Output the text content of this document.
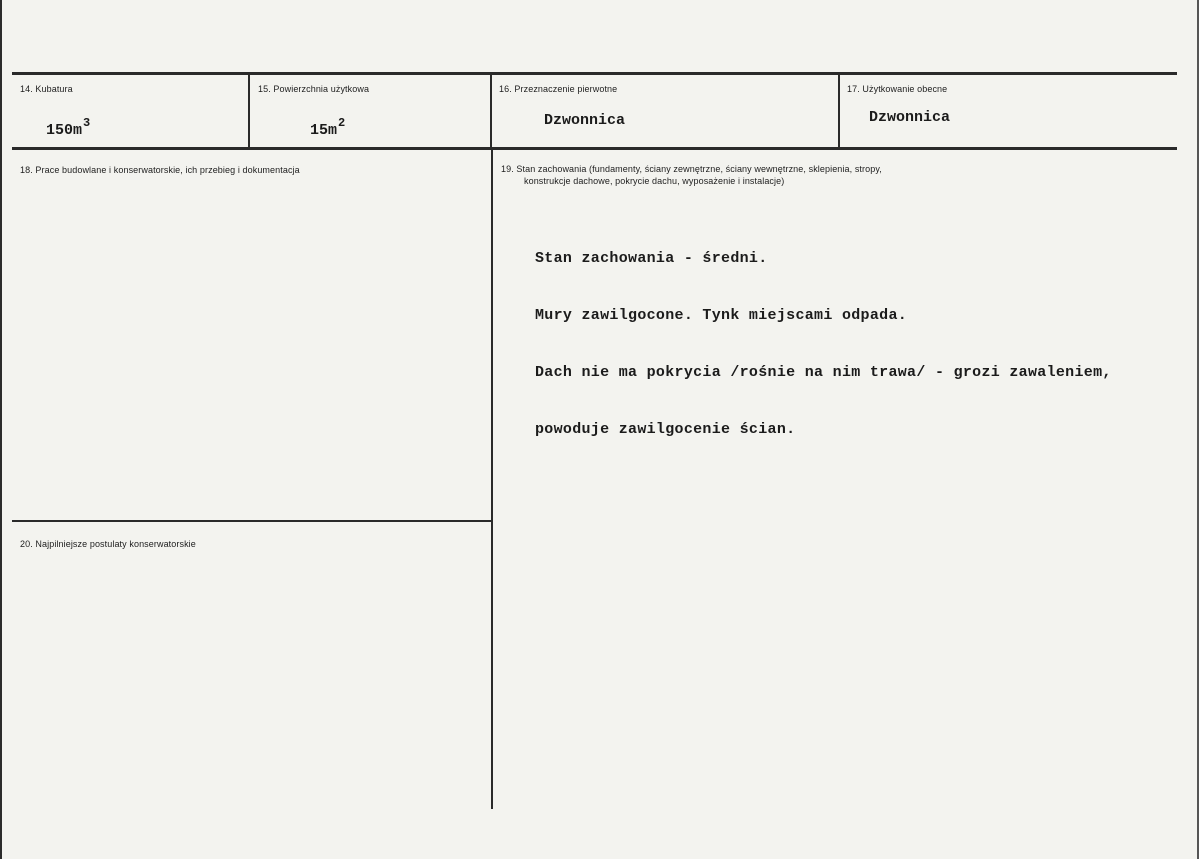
14. Kubatura
$150m^3$
15. Powierzchnia użytkowa
$15m^2$
16. Przeznaczenie pierwotne
Dzwonnica
17. Użytkowanie obecne
Dzwonnica
18. Prace budowlane i konserwatorskie, ich przebieg i dokumentacja	19. Stan zachowania (fundamenty, ściany zewnętrzne, ściany wewnętrzne, sklepienia, stropy,
konstrukcje dachowe, pokrycie dachu, wyposażenie i instalacje)

Stan zachowania - średni.

Mury zawilgocone. Tynk miejscami odpada.

Dach nie ma pokrycia /rośnie na nim trawa/ - grozi zawaleniem,

powoduje zawilgocenie ścian.

20. Najpilniejsze postulaty konserwatorskie
